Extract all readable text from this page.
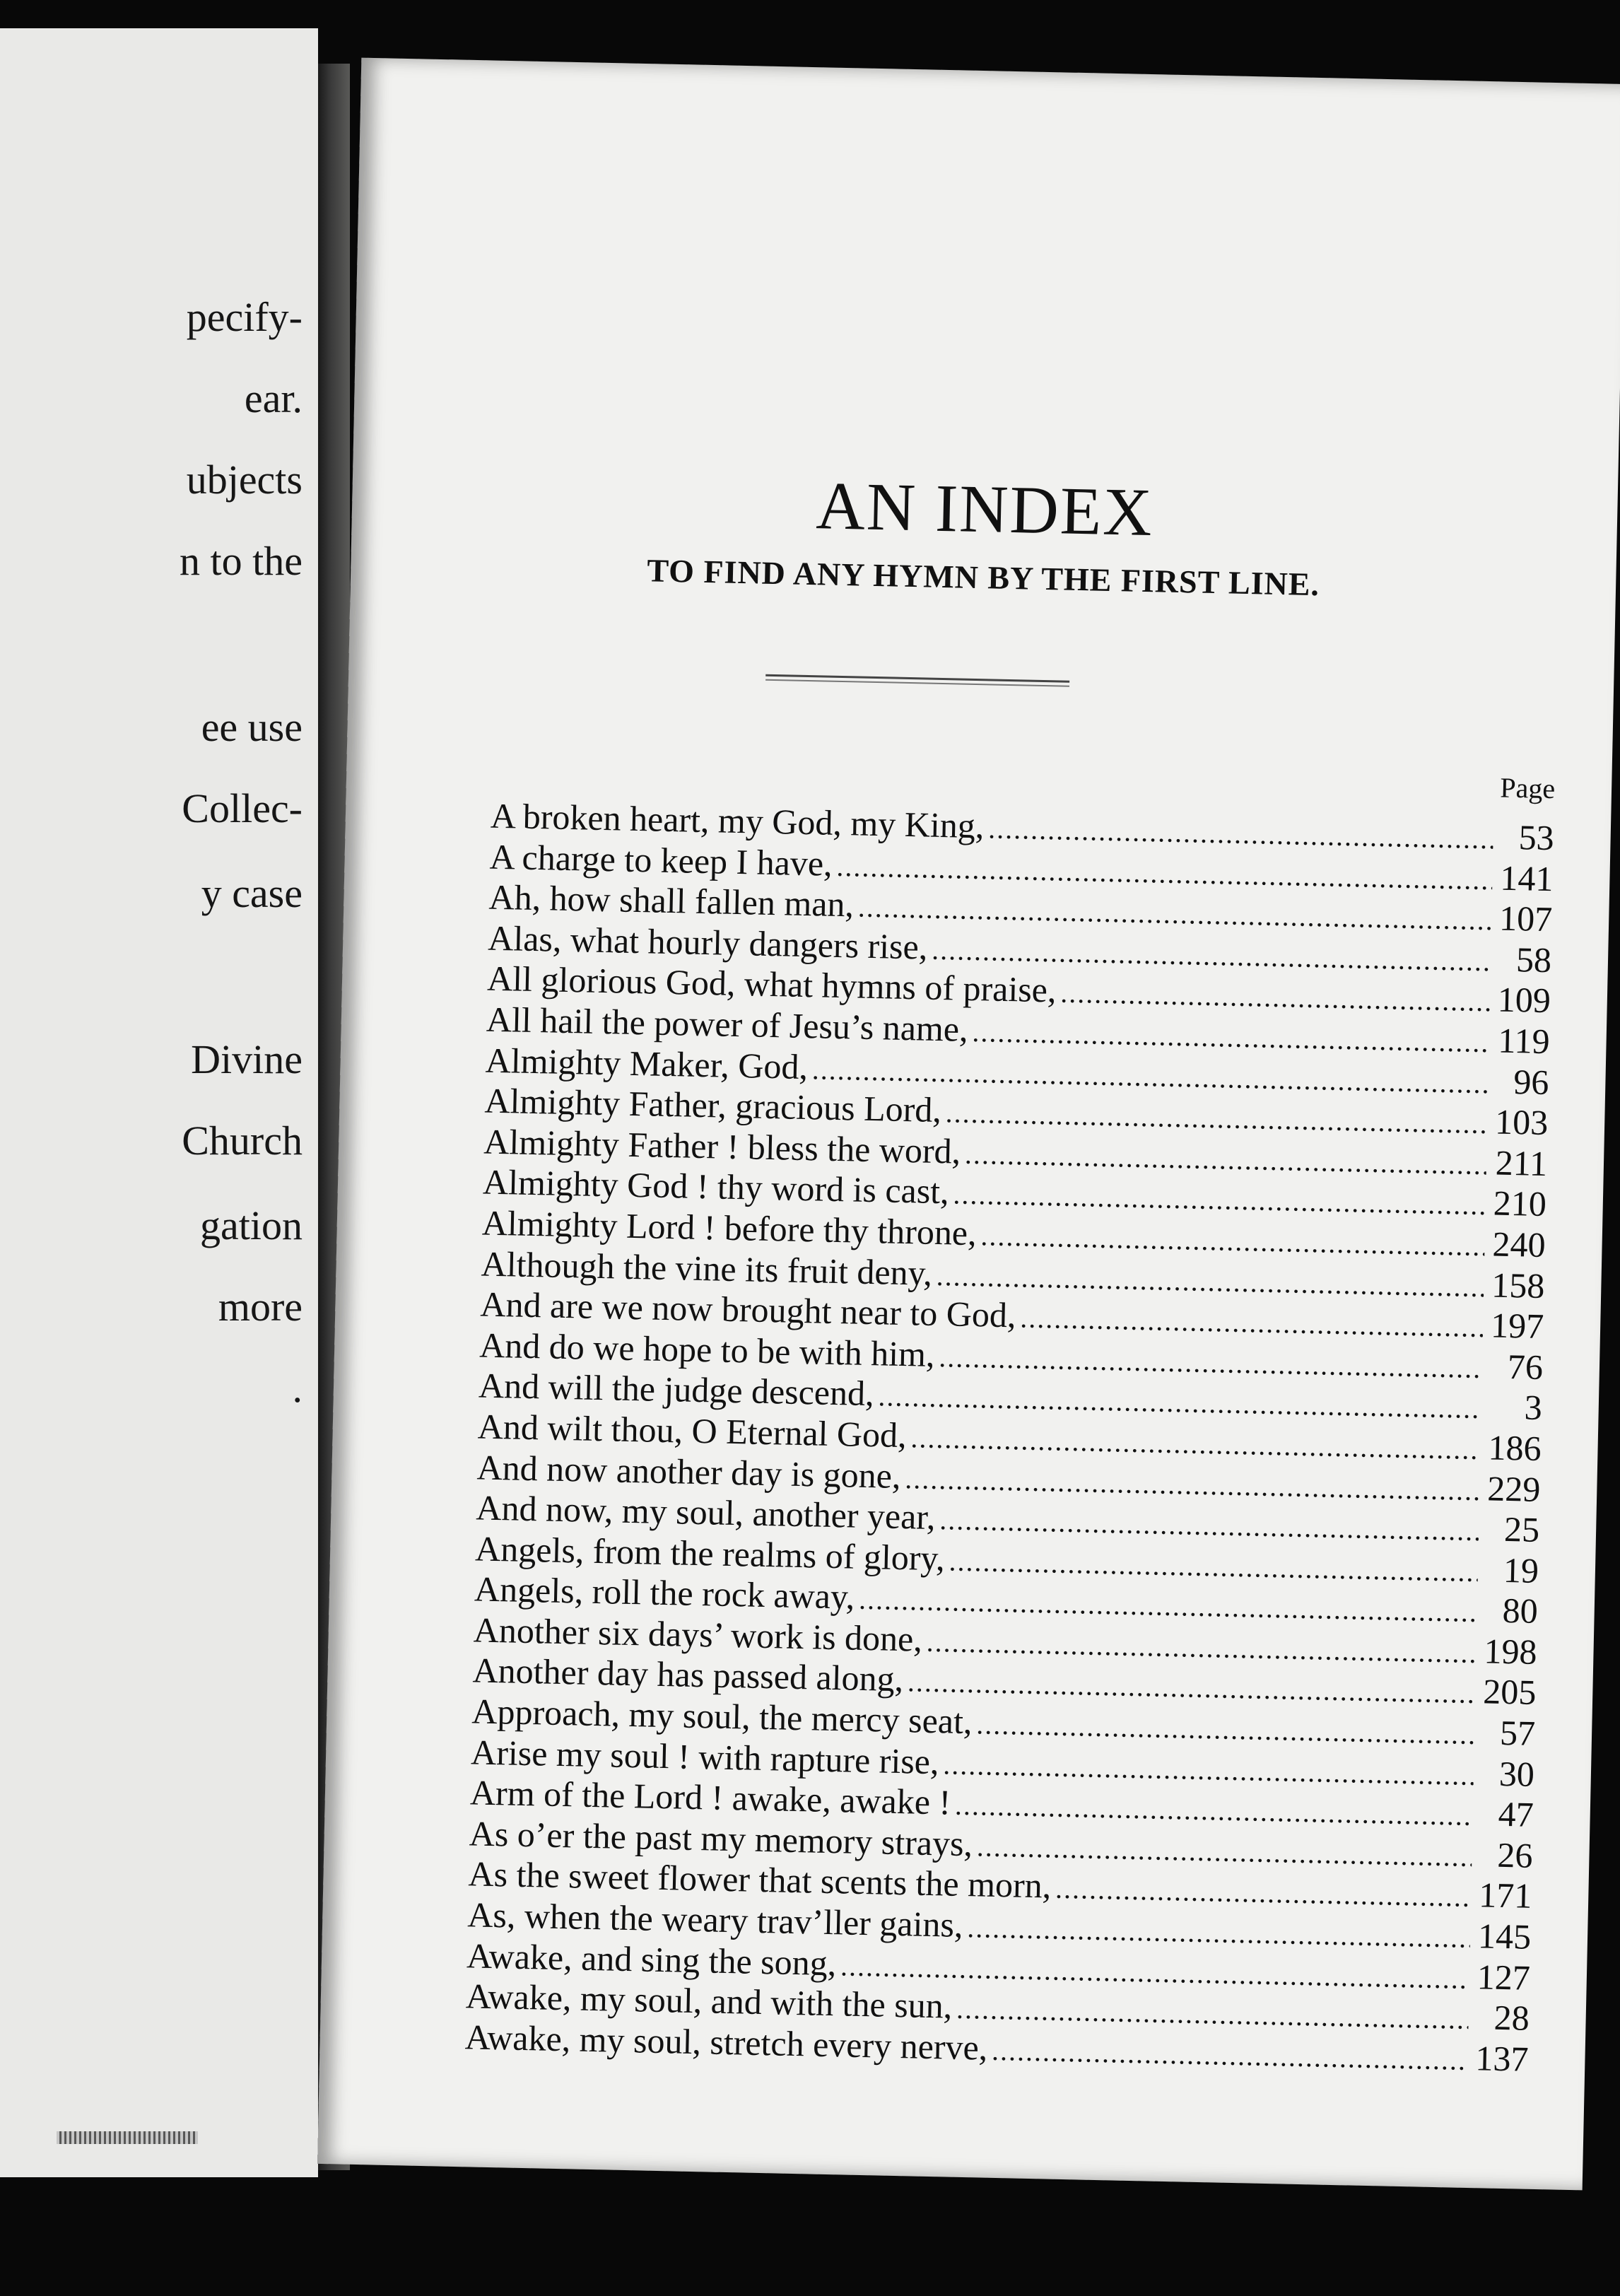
pecify-
ear.
ubjects
n to the
ee use
Collec-
y case
Divine
Church
gation
more
.
AN INDEX
TO FIND ANY HYMN BY THE FIRST LINE.
Page
A broken heart, my God, my King, .....	53
A charge to keep I have, .....	141
Ah, how shall fallen man, .....	107
Alas, what hourly dangers rise, .....	58
All glorious God, what hymns of praise, .....	109
All hail the power of Jesu’s name, .....	119
Almighty Maker, God, .....	96
Almighty Father, gracious Lord, .....	103
Almighty Father ! bless the word, .....	211
Almighty God ! thy word is cast, .....	210
Almighty Lord ! before thy throne, .....	240
Although the vine its fruit deny, .....	158
And are we now brought near to God, .....	197
And do we hope to be with him, .....	76
And will the judge descend, .....	3
And wilt thou, O Eternal God, .....	186
And now another day is gone, .....	229
And now, my soul, another year, .....	25
Angels, from the realms of glory, .....	19
Angels, roll the rock away, .....	80
Another six days’ work is done, .....	198
Another day has passed along, .....	205
Approach, my soul, the mercy seat, .....	57
Arise my soul ! with rapture rise, .....	30
Arm of the Lord ! awake, awake ! .....	47
As o’er the past my memory strays, .....	26
As the sweet flower that scents the morn, .....	171
As, when the weary trav’ller gains, .....	145
Awake, and sing the song, .....	127
Awake, my soul, and with the sun, .....	28
Awake, my soul, stretch every nerve, .....	137
